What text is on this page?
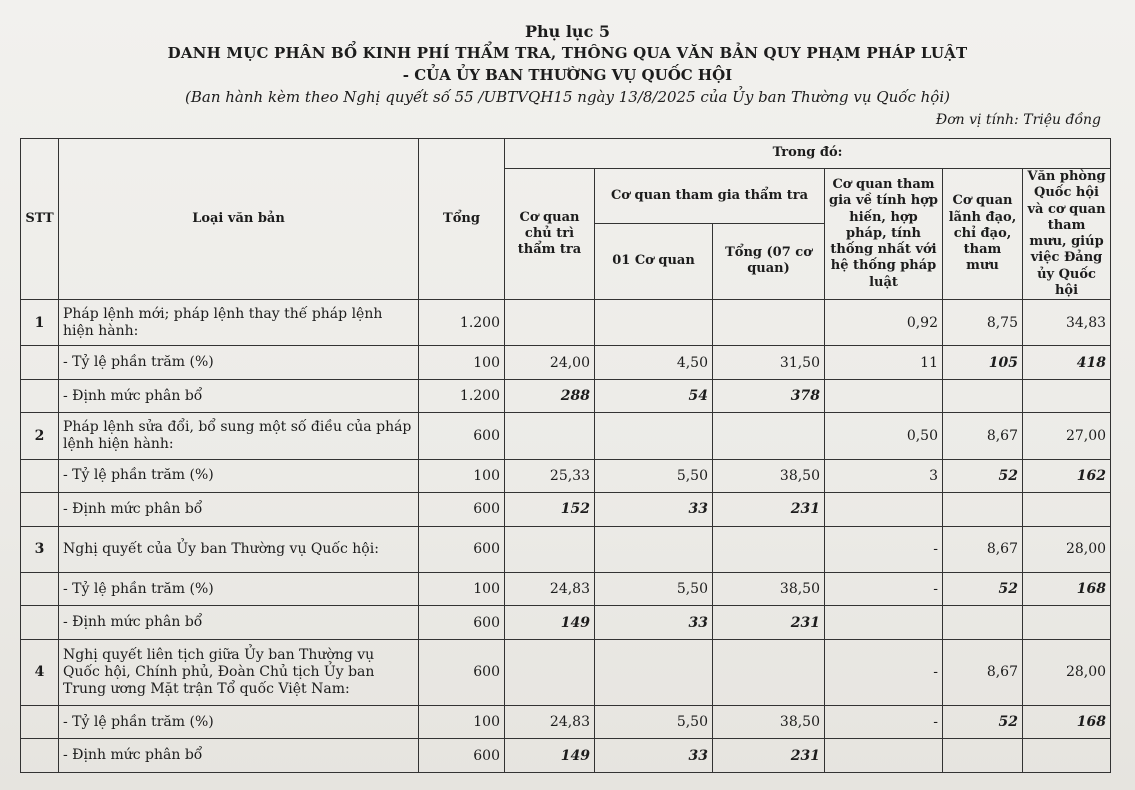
Phụ lục 5
DANH MỤC PHÂN BỔ KINH PHÍ THẨM TRA, THÔNG QUA VĂN BẢN QUY PHẠM PHÁP LUẬT
- CỦA ỦY BAN THƯỜNG VỤ QUỐC HỘI
(Ban hành kèm theo Nghị quyết số 55 /UBTVQH15 ngày 13/8/2025 của Ủy ban Thường vụ Quốc hội)
Đơn vị tính: Triệu đồng
STT	Loại văn bản	Tổng	Trong đó:					
			Cơ quan chủ trì thẩm tra	Cơ quan tham gia thẩm tra		Cơ quan tham gia về tính hợp hiến, hợp pháp, tính thống nhất với hệ thống pháp luật	Cơ quan lãnh đạo, chỉ đạo, tham mưu	Văn phòng Quốc hội và cơ quan tham mưu, giúp việc Đảng ủy Quốc hội
				01 Cơ quan	Tổng (07 cơ quan)			
1	Pháp lệnh mới; pháp lệnh thay thế pháp lệnh hiện hành:	1.200				0,92	8,75	34,83
	- Tỷ lệ phần trăm (%)	100	24,00	4,50	31,50	11	105	418
	- Định mức phân bổ	1.200	288	54	378			
2	Pháp lệnh sửa đổi, bổ sung một số điều của pháp lệnh hiện hành:	600				0,50	8,67	27,00
	- Tỷ lệ phần trăm (%)	100	25,33	5,50	38,50	3	52	162
	- Định mức phân bổ	600	152	33	231			
3	Nghị quyết của Ủy ban Thường vụ Quốc hội:	600				-	8,67	28,00
	- Tỷ lệ phần trăm (%)	100	24,83	5,50	38,50	-	52	168
	- Định mức phân bổ	600	149	33	231			
4	Nghị quyết liên tịch giữa Ủy ban Thường vụ Quốc hội, Chính phủ, Đoàn Chủ tịch Ủy ban Trung ương Mặt trận Tổ quốc Việt Nam:	600				-	8,67	28,00
	- Tỷ lệ phần trăm (%)	100	24,83	5,50	38,50	-	52	168
	- Định mức phân bổ	600	149	33	231			
